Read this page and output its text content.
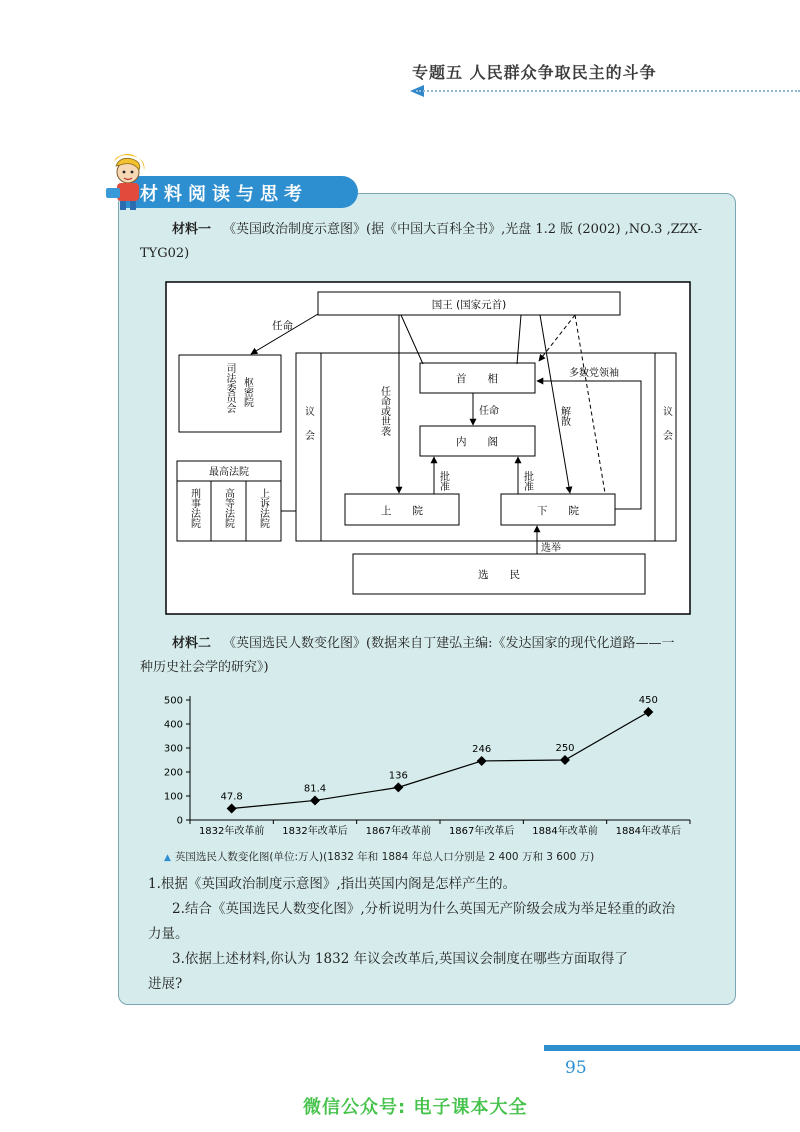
专题五 人民群众争取民主的斗争
材料阅读与思考
材料一 《英国政治制度示意图》(据《中国大百科全书》,光盘 1.2 版 (2002) ,NO.3 ,ZZX-
TYG02)
国王 (国家元首)
司法委员会
枢密院
任命
最高法院
刑事法院 高等法院 上诉法院
议会	议会
首　　相
内　　阁
任命
上　　院	下　　院
批准	批准
任命或世袭	解散
多数党领袖
选　　民
选举
材料二 《英国选民人数变化图》(数据来自丁建弘主编:《发达国家的现代化道路——一
种历史社会学的研究》)
0
100
200
300
400
500
1832年改革前 1832年改革后 1867年改革前 1867年改革后 1884年改革前 1884年改革后
47.8
81.4
136
246	250
450
▲ 英国选民人数变化图(单位:万人)(1832 年和 1884 年总人口分别是 2 400 万和 3 600 万)
1.根据《英国政治制度示意图》,指出英国内阁是怎样产生的。
2.结合《英国选民人数变化图》,分析说明为什么英国无产阶级会成为举足轻重的政治
力量。
3.依据上述材料,你认为 1832 年议会改革后,英国议会制度在哪些方面取得了
进展?
95
微信公众号: 电子课本大全
